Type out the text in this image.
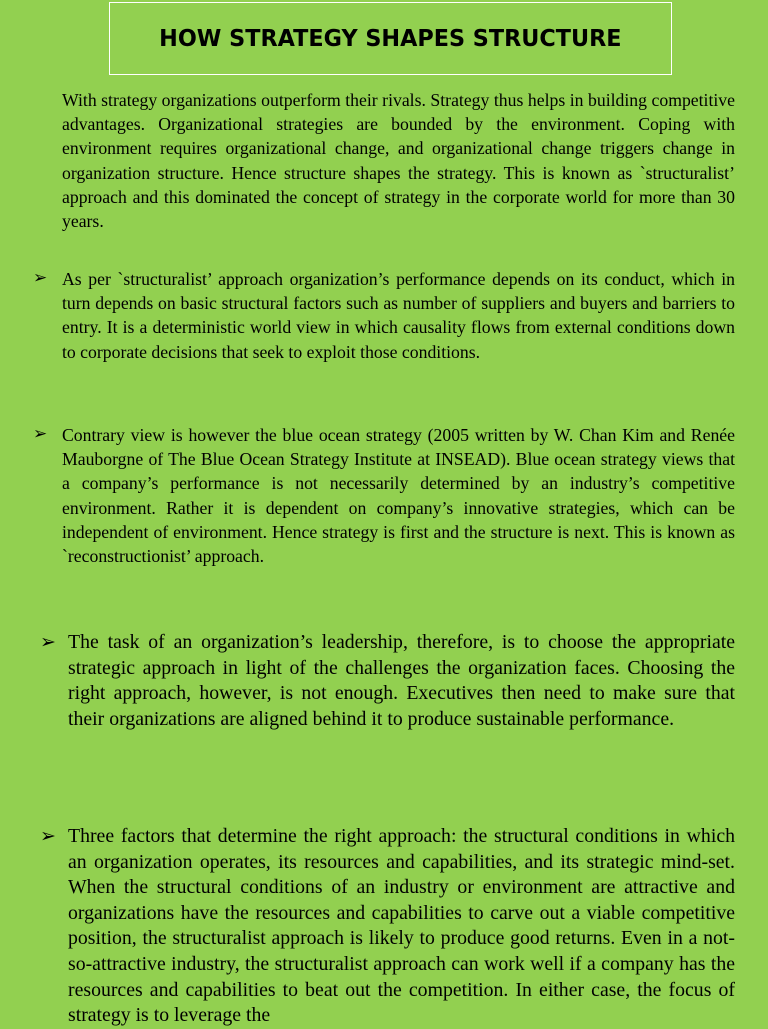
HOW STRATEGY SHAPES STRUCTURE

With strategy organizations outperform their rivals. Strategy thus helps in building competitive advantages. Organizational strategies are bounded by the environment. Coping with environment requires organizational change, and organizational change triggers change in organization structure. Hence structure shapes the strategy. This is known as `structuralist’ approach and this dominated the concept of strategy in the corporate world for more than 30 years.

➢ As per `structuralist’ approach organization’s performance depends on its conduct, which in turn depends on basic structural factors such as number of suppliers and buyers and barriers to entry. It is a deterministic world view in which causality flows from external conditions down to corporate decisions that seek to exploit those conditions.

➢ Contrary view is however the blue ocean strategy (2005 written by W. Chan Kim and Renée Mauborgne of The Blue Ocean Strategy Institute at INSEAD). Blue ocean strategy views that a company’s performance is not necessarily determined by an industry’s competitive environment. Rather it is dependent on company’s innovative strategies, which can be independent of environment. Hence strategy is first and the structure is next. This is known as `reconstructionist’ approach.

➢ The task of an organization’s leadership, therefore, is to choose the appropriate strategic approach in light of the challenges the organization faces. Choosing the right approach, however, is not enough. Executives then need to make sure that their organizations are aligned behind it to produce sustainable performance.

➢ Three factors that determine the right approach: the structural conditions in which an organization operates, its resources and capabilities, and its strategic mind-set. When the structural conditions of an industry or environment are attractive and organizations have the resources and capabilities to carve out a viable competitive position, the structuralist approach is likely to produce good returns. Even in a not-so-attractive industry, the structuralist approach can work well if a company has the resources and capabilities to beat out the competition. In either case, the focus of strategy is to leverage the
